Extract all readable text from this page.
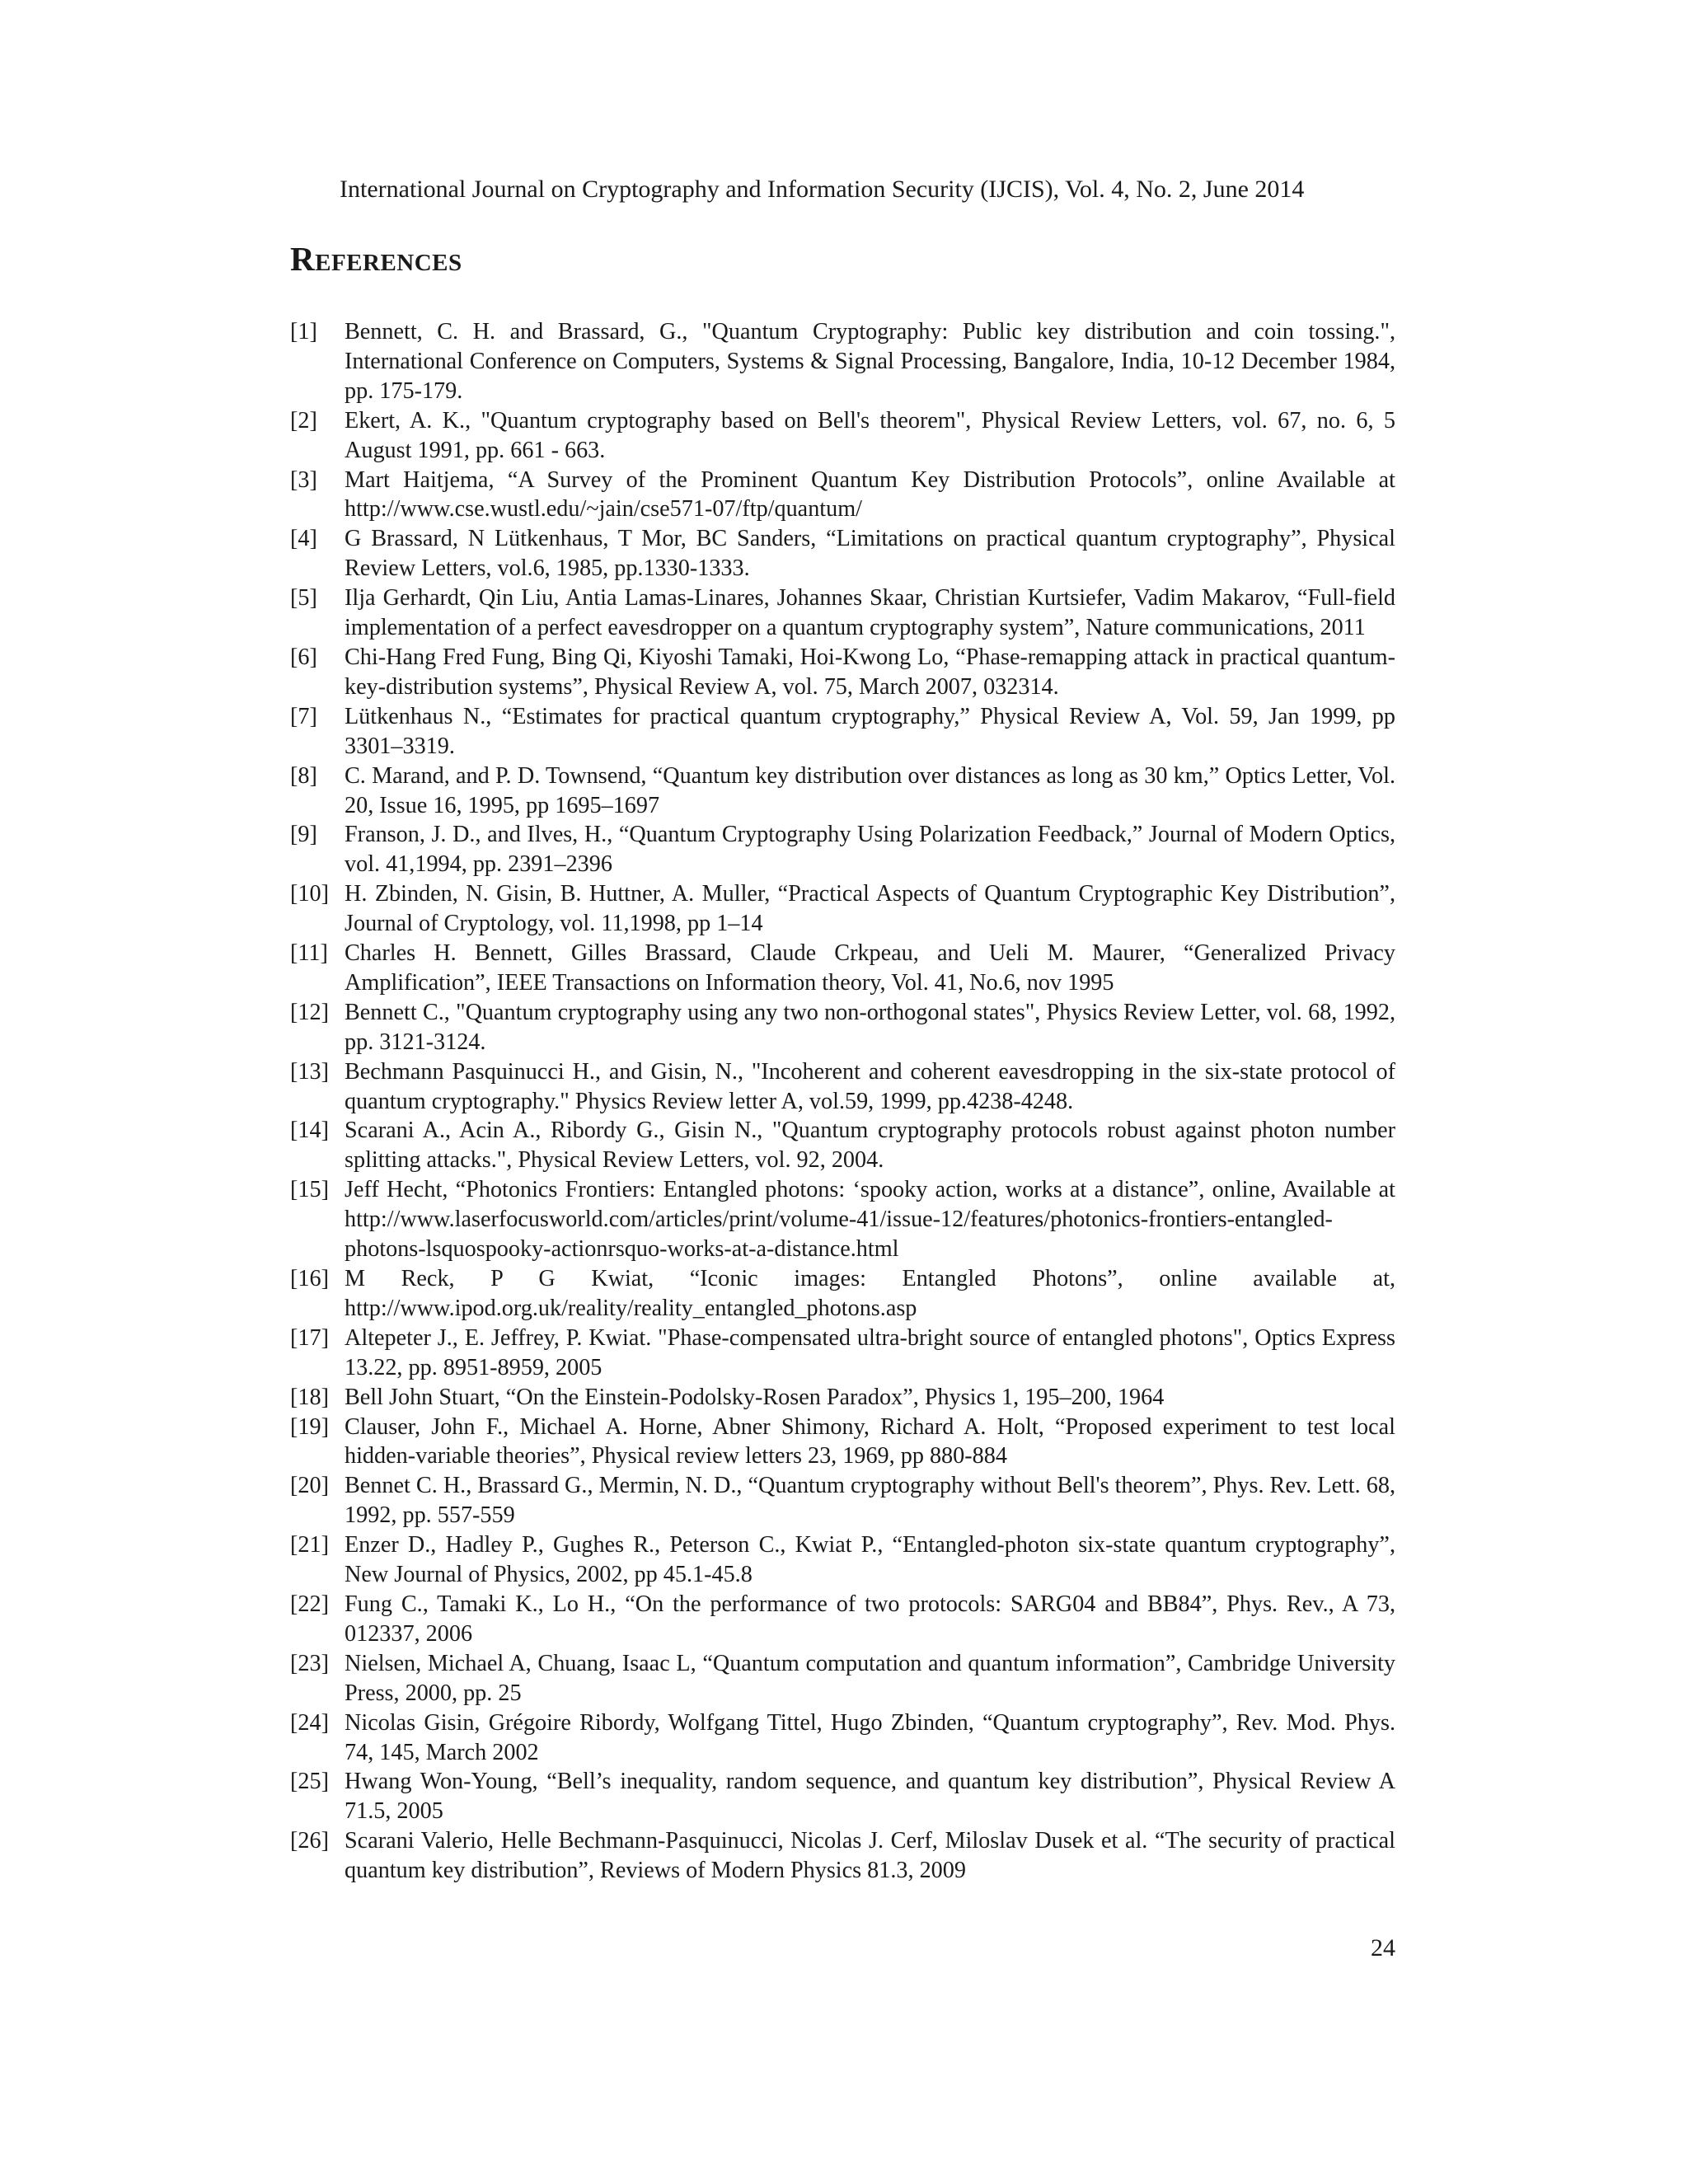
International Journal on Cryptography and Information Security (IJCIS), Vol. 4, No. 2, June 2014
References
[1]	Bennett, C. H. and Brassard, G., "Quantum Cryptography: Public key distribution and coin tossing.", International Conference on Computers, Systems & Signal Processing, Bangalore, India, 10-12 December 1984, pp. 175-179.
[2]	Ekert, A. K., "Quantum cryptography based on Bell's theorem", Physical Review Letters, vol. 67, no. 6, 5 August 1991, pp. 661 - 663.
[3]	Mart Haitjema, “A Survey of the Prominent Quantum Key Distribution Protocols”, online Available at http://www.cse.wustl.edu/~jain/cse571-07/ftp/quantum/
[4]	G Brassard, N Lütkenhaus, T Mor, BC Sanders, “Limitations on practical quantum cryptography”, Physical Review Letters, vol.6, 1985, pp.1330-1333.
[5]	Ilja Gerhardt, Qin Liu, Antia Lamas-Linares, Johannes Skaar, Christian Kurtsiefer, Vadim Makarov, “Full-field implementation of a perfect eavesdropper on a quantum cryptography system”, Nature communications, 2011
[6]	Chi-Hang Fred Fung, Bing Qi, Kiyoshi Tamaki, Hoi-Kwong Lo, “Phase-remapping attack in practical quantum-key-distribution systems”, Physical Review A, vol. 75, March 2007, 032314.
[7]	Lütkenhaus N., “Estimates for practical quantum cryptography,” Physical Review A, Vol. 59, Jan 1999, pp 3301–3319.
[8]	C. Marand, and P. D. Townsend, “Quantum key distribution over distances as long as 30 km,” Optics Letter, Vol. 20, Issue 16, 1995, pp 1695–1697
[9]	Franson, J. D., and Ilves, H., “Quantum Cryptography Using Polarization Feedback,” Journal of Modern Optics, vol. 41,1994, pp. 2391–2396
[10] H. Zbinden, N. Gisin, B. Huttner, A. Muller, “Practical Aspects of Quantum Cryptographic Key Distribution”, Journal of Cryptology, vol. 11,1998, pp 1–14
[11] Charles H. Bennett, Gilles Brassard, Claude Crkpeau, and Ueli M. Maurer, “Generalized Privacy Amplification”, IEEE Transactions on Information theory, Vol. 41, No.6, nov 1995
[12] Bennett C., "Quantum cryptography using any two non-orthogonal states", Physics Review Letter, vol. 68, 1992, pp. 3121-3124.
[13] Bechmann Pasquinucci H., and Gisin, N., "Incoherent and coherent eavesdropping in the six-state protocol of quantum cryptography." Physics Review letter A, vol.59, 1999, pp.4238-4248.
[14] Scarani A., Acin A., Ribordy G., Gisin N., "Quantum cryptography protocols robust against photon number splitting attacks.", Physical Review Letters, vol. 92, 2004.
[15] Jeff Hecht, “Photonics Frontiers: Entangled photons: ‘spooky action, works at a distance”, online, Available at http://www.laserfocusworld.com/articles/print/volume-41/issue-12/features/photonics-frontiers-entangled-photons-lsquospooky-actionrsquo-works-at-a-distance.html
[16] M Reck, P G Kwiat, “Iconic images: Entangled Photons”, online available at, http://www.ipod.org.uk/reality/reality_entangled_photons.asp
[17] Altepeter J., E. Jeffrey, P. Kwiat. "Phase-compensated ultra-bright source of entangled photons", Optics Express 13.22, pp. 8951-8959, 2005
[18] Bell John Stuart, “On the Einstein-Podolsky-Rosen Paradox”, Physics 1, 195–200, 1964
[19] Clauser, John F., Michael A. Horne, Abner Shimony, Richard A. Holt, “Proposed experiment to test local hidden-variable theories”, Physical review letters 23, 1969, pp 880-884
[20] Bennet C. H., Brassard G., Mermin, N. D., “Quantum cryptography without Bell's theorem”, Phys. Rev. Lett. 68, 1992, pp. 557-559
[21] Enzer D., Hadley P., Gughes R., Peterson C., Kwiat P., “Entangled-photon six-state quantum cryptography”, New Journal of Physics, 2002, pp 45.1-45.8
[22] Fung C., Tamaki K., Lo H., “On the performance of two protocols: SARG04 and BB84”, Phys. Rev., A 73, 012337, 2006
[23] Nielsen, Michael A, Chuang, Isaac L, “Quantum computation and quantum information”, Cambridge University Press, 2000, pp. 25
[24] Nicolas Gisin, Grégoire Ribordy, Wolfgang Tittel, Hugo Zbinden, “Quantum cryptography”, Rev. Mod. Phys. 74, 145, March 2002
[25] Hwang Won-Young, “Bell’s inequality, random sequence, and quantum key distribution”, Physical Review A 71.5, 2005
[26] Scarani Valerio, Helle Bechmann-Pasquinucci, Nicolas J. Cerf, Miloslav Dusek et al. “The security of practical quantum key distribution”, Reviews of Modern Physics 81.3, 2009
24
